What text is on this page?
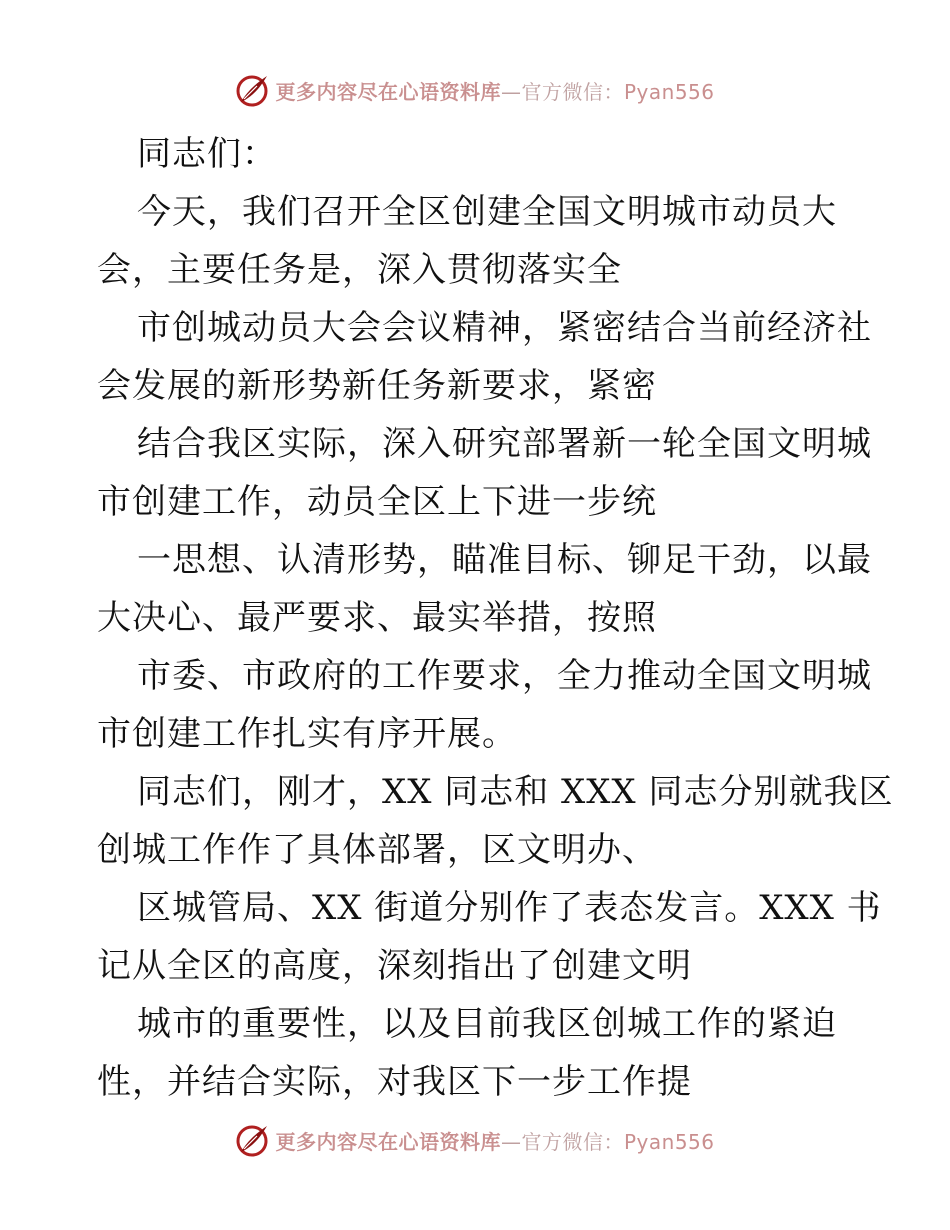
更多内容尽在心语资料库—官方微信：Pyan556
同志们：
今天，我们召开全区创建全国文明城市动员大
会，主要任务是，深入贯彻落实全
市创城动员大会会议精神，紧密结合当前经济社
会发展的新形势新任务新要求，紧密
结合我区实际，深入研究部署新一轮全国文明城
市创建工作，动员全区上下进一步统
一思想、认清形势，瞄准目标、铆足干劲，以最
大决心、最严要求、最实举措，按照
市委、市政府的工作要求，全力推动全国文明城
市创建工作扎实有序开展。
同志们，刚才，XX 同志和 XXX 同志分别就我区
创城工作作了具体部署，区文明办、
区城管局、XX 街道分别作了表态发言。XXX 书
记从全区的高度，深刻指出了创建文明
城市的重要性，以及目前我区创城工作的紧迫
性，并结合实际，对我区下一步工作提
更多内容尽在心语资料库—官方微信：Pyan556
